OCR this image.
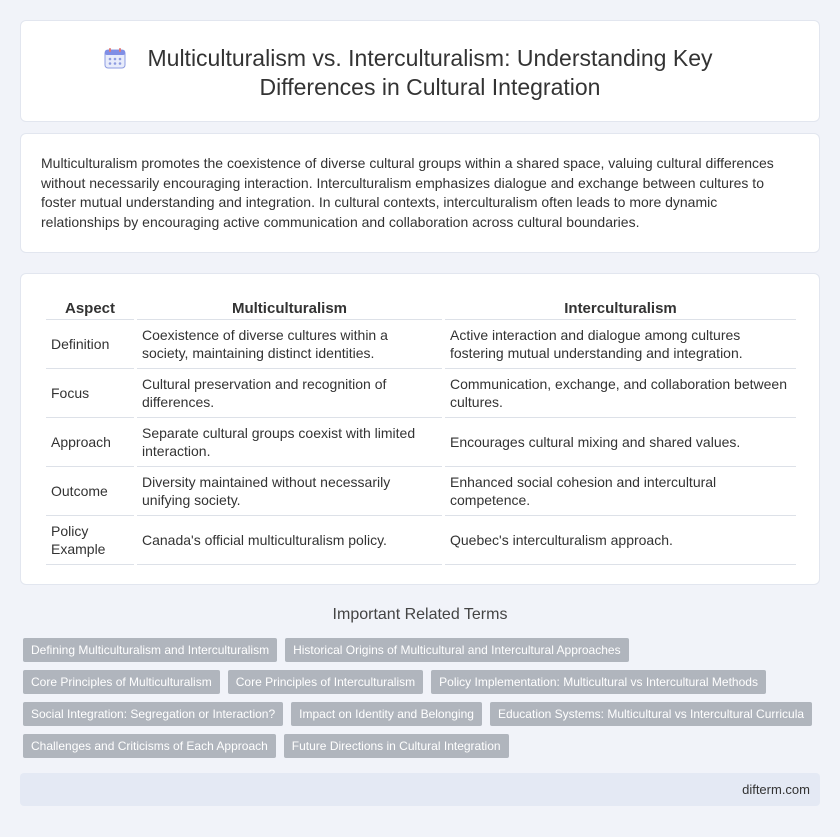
Multiculturalism vs. Interculturalism: Understanding Key
Differences in Cultural Integration

Multiculturalism promotes the coexistence of diverse cultural groups within a shared space, valuing cultural differences without necessarily encouraging interaction. Interculturalism emphasizes dialogue and exchange between cultures to foster mutual understanding and integration. In cultural contexts, interculturalism often leads to more dynamic relationships by encouraging active communication and collaboration across cultural boundaries.

Aspect	Multiculturalism	Interculturalism
Definition	Coexistence of diverse cultures within a society, maintaining distinct identities.	Active interaction and dialogue among cultures fostering mutual understanding and integration.
Focus	Cultural preservation and recognition of differences.	Communication, exchange, and collaboration between cultures.
Approach	Separate cultural groups coexist with limited interaction.	Encourages cultural mixing and shared values.
Outcome	Diversity maintained without necessarily unifying society.	Enhanced social cohesion and intercultural competence.
Policy Example	Canada's official multiculturalism policy.	Quebec's interculturalism approach.
Important Related Terms
Defining Multiculturalism and Interculturalism	Historical Origins of Multicultural and Intercultural Approaches
Core Principles of Multiculturalism	Core Principles of Interculturalism	Policy Implementation: Multicultural vs Intercultural Methods
Social Integration: Segregation or Interaction?	Impact on Identity and Belonging	Education Systems: Multicultural vs Intercultural Curricula
Challenges and Criticisms of Each Approach	Future Directions in Cultural Integration
difterm.com
